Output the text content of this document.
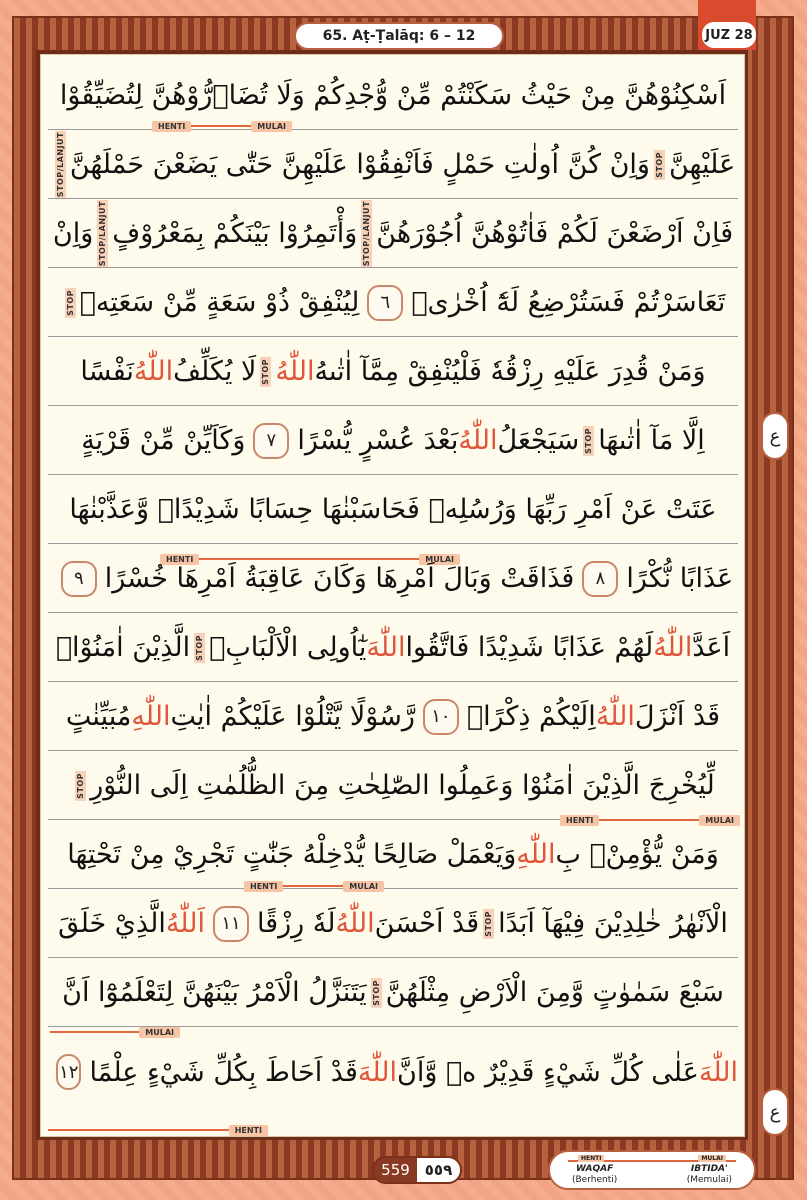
65. Aṭ-Ṭalāq: 6 – 12	JUZ 28
اَسْكِنُوْهُنَّ مِنْ حَيْثُ سَكَنْتُمْ مِّنْ وُّجْدِكُمْ وَلَا تُضَاۤرُّوْهُنَّ لِتُضَيِّقُوْا
HENTI	MULAI
عَلَيْهِنَّ
STOP
وَاِنْ كُنَّ اُولٰتِ حَمْلٍ فَاَنْفِقُوْا عَلَيْهِنَّ حَتّٰى يَضَعْنَ حَمْلَهُنَّ
STOP/LANJUT
فَاِنْ اَرْضَعْنَ لَكُمْ فَاٰتُوْهُنَّ اُجُوْرَهُنَّ
STOP/LANJUT
وَأْتَمِرُوْا بَيْنَكُمْ بِمَعْرُوْفٍ
STOP/LANJUT
وَاِنْ
تَعَاسَرْتُمْ فَسَتُرْضِعُ لَهٗٓ اُخْرٰىۗ
٦
لِيُنْفِقْ ذُوْ سَعَةٍ مِّنْ سَعَتِهٖ
STOP
وَمَنْ قُدِرَ عَلَيْهِ رِزْقُهٗ فَلْيُنْفِقْ مِمَّآ اٰتٰىهُ
اللّٰهُ
STOP
لَا يُكَلِّفُ
اللّٰهُ
نَفْسًا
اِلَّا مَآ اٰتٰىهَا
STOP
سَيَجْعَلُ
اللّٰهُ
بَعْدَ عُسْرٍ يُّسْرًا
٧
وَكَاَيِّنْ مِّنْ قَرْيَةٍ	ع
عَتَتْ عَنْ اَمْرِ رَبِّهَا وَرُسُلِهٖ فَحَاسَبْنٰهَا حِسَابًا شَدِيْدًاۙ وَّعَذَّبْنٰهَا
HENTI	MULAI
عَذَابًا نُّكْرًا
٨
فَذَاقَتْ وَبَالَ اَمْرِهَا وَكَانَ عَاقِبَةُ اَمْرِهَا خُسْرًا
٩
اَعَدَّ
اللّٰهُ
لَهُمْ عَذَابًا شَدِيْدًا فَاتَّقُوا
اللّٰهَ
يٰٓاُولِى الْاَلْبَابِۛ
STOP
الَّذِيْنَ اٰمَنُوْاۛ
قَدْ اَنْزَلَ
اللّٰهُ
اِلَيْكُمْ ذِكْرًاۙ
١٠
رَّسُوْلًا يَّتْلُوْا عَلَيْكُمْ اٰيٰتِ
اللّٰهِ
مُبَيِّنٰتٍ
لِّيُخْرِجَ الَّذِيْنَ اٰمَنُوْا وَعَمِلُوا الصّٰلِحٰتِ مِنَ الظُّلُمٰتِ اِلَى النُّوْرِ
STOP
HENTI	MULAI
وَمَنْ يُّؤْمِنْۢ بِ
اللّٰهِ
وَيَعْمَلْ صَالِحًا يُّدْخِلْهُ جَنّٰتٍ تَجْرِيْ مِنْ تَحْتِهَا
HENTI	MULAI
الْاَنْهٰرُ خٰلِدِيْنَ فِيْهَآ اَبَدًا
STOP
قَدْ اَحْسَنَ
اللّٰهُ
لَهٗ رِزْقًا
١١
اَللّٰهُ
الَّذِيْ خَلَقَ
سَبْعَ سَمٰوٰتٍ وَّمِنَ الْاَرْضِ مِثْلَهُنَّ
STOP
يَتَنَزَّلُ الْاَمْرُ بَيْنَهُنَّ لِتَعْلَمُوْٓا اَنَّ
MULAI
اللّٰهَ
عَلٰى كُلِّ شَيْءٍ قَدِيْرٌ ەۙ وَّاَنَّ
اللّٰهَ
قَدْ اَحَاطَ بِكُلِّ شَيْءٍ عِلْمًا
١٢
ع
HENTI
559 ٥٥٩
HENTI	MULAI
WAQAF
(Berhenti)
IBTIDA'
(Memulai)
